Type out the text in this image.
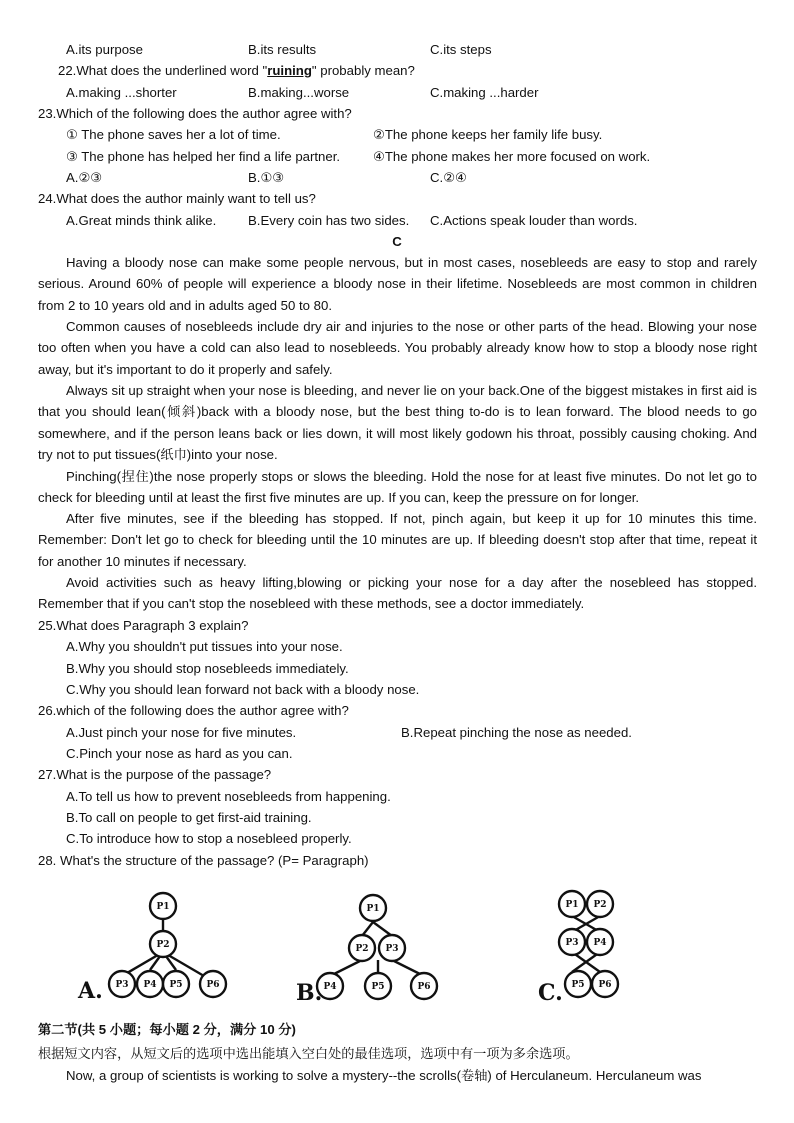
A.its purpose	B.its results	C.its steps
22.What does the underlined word "ruining" probably mean?
A.making ...shorter	B.making...worse	C.making ...harder
23.Which of the following does the author agree with?
① The phone saves her a lot of time.	②The phone keeps her family life busy.
③ The phone has helped her find a life partner. ④The phone makes her more focused on work.
A.②③	B.①③	C.②④
24.What does the author mainly want to tell us?
A.Great minds think alike. B.Every coin has two sides. C.Actions speak louder than words.
C
Having a bloody nose can make some people nervous, but in most cases, nosebleeds are easy to stop and rarely serious. Around 60% of people will experience a bloody nose in their lifetime. Nosebleeds are most common in children from 2 to 10 years old and in adults aged 50 to 80.
Common causes of nosebleeds include dry air and injuries to the nose or other parts of the head. Blowing your nose too often when you have a cold can also lead to nosebleeds. You probably already know how to stop a bloody nose right away, but it's important to do it properly and safely.
Always sit up straight when your nose is bleeding, and never lie on your back.One of the biggest mistakes in first aid is that you should lean(倾斜)back with a bloody nose, but the best thing to-do is to lean forward. The blood needs to go somewhere, and if the person leans back or lies down, it will most likely godown his throat, possibly causing choking. And try not to put tissues(纸巾)into your nose.
Pinching(捏住)the nose properly stops or slows the bleeding. Hold the nose for at least five minutes. Do not let go to check for bleeding until at least the first five minutes are up. If you can, keep the pressure on for longer.
After five minutes, see if the bleeding has stopped. If not, pinch again, but keep it up for 10 minutes this time. Remember: Don't let go to check for bleeding until the 10 minutes are up. If bleeding doesn't stop after that time, repeat it for another 10 minutes if necessary.
Avoid activities such as heavy lifting,blowing or picking your nose for a day after the nosebleed has stopped. Remember that if you can't stop the nosebleed with these methods, see a doctor immediately.
25.What does Paragraph 3 explain?
A.Why you shouldn't put tissues into your nose.
B.Why you should stop nosebleeds immediately.
C.Why you should lean forward not back with a bloody nose.
26.which of the following does the author agree with?
A.Just pinch your nose for five minutes.	B.Repeat pinching the nose as needed.
C.Pinch your nose as hard as you can.
27.What is the purpose of the passage?
A.To tell us how to prevent nosebleeds from happening.
B.To call on people to get first-aid training.
C.To introduce how to stop a nosebleed properly.
28. What's the structure of the passage? (P= Paragraph)
P1
P2
P3 P4 P5	P6
P1
P2 P3
P4	P5	P6
P1 P2
P3 P4
P5 P6
A.	B.	C.
第二节(共 5 小题；每小题 2 分，满分 10 分)
根据短文内容，从短文后的选项中选出能填入空白处的最佳选项，选项中有一项为多余选项。
Now, a group of scientists is working to solve a mystery--the scrolls(卷轴) of Herculaneum. Herculaneum was
